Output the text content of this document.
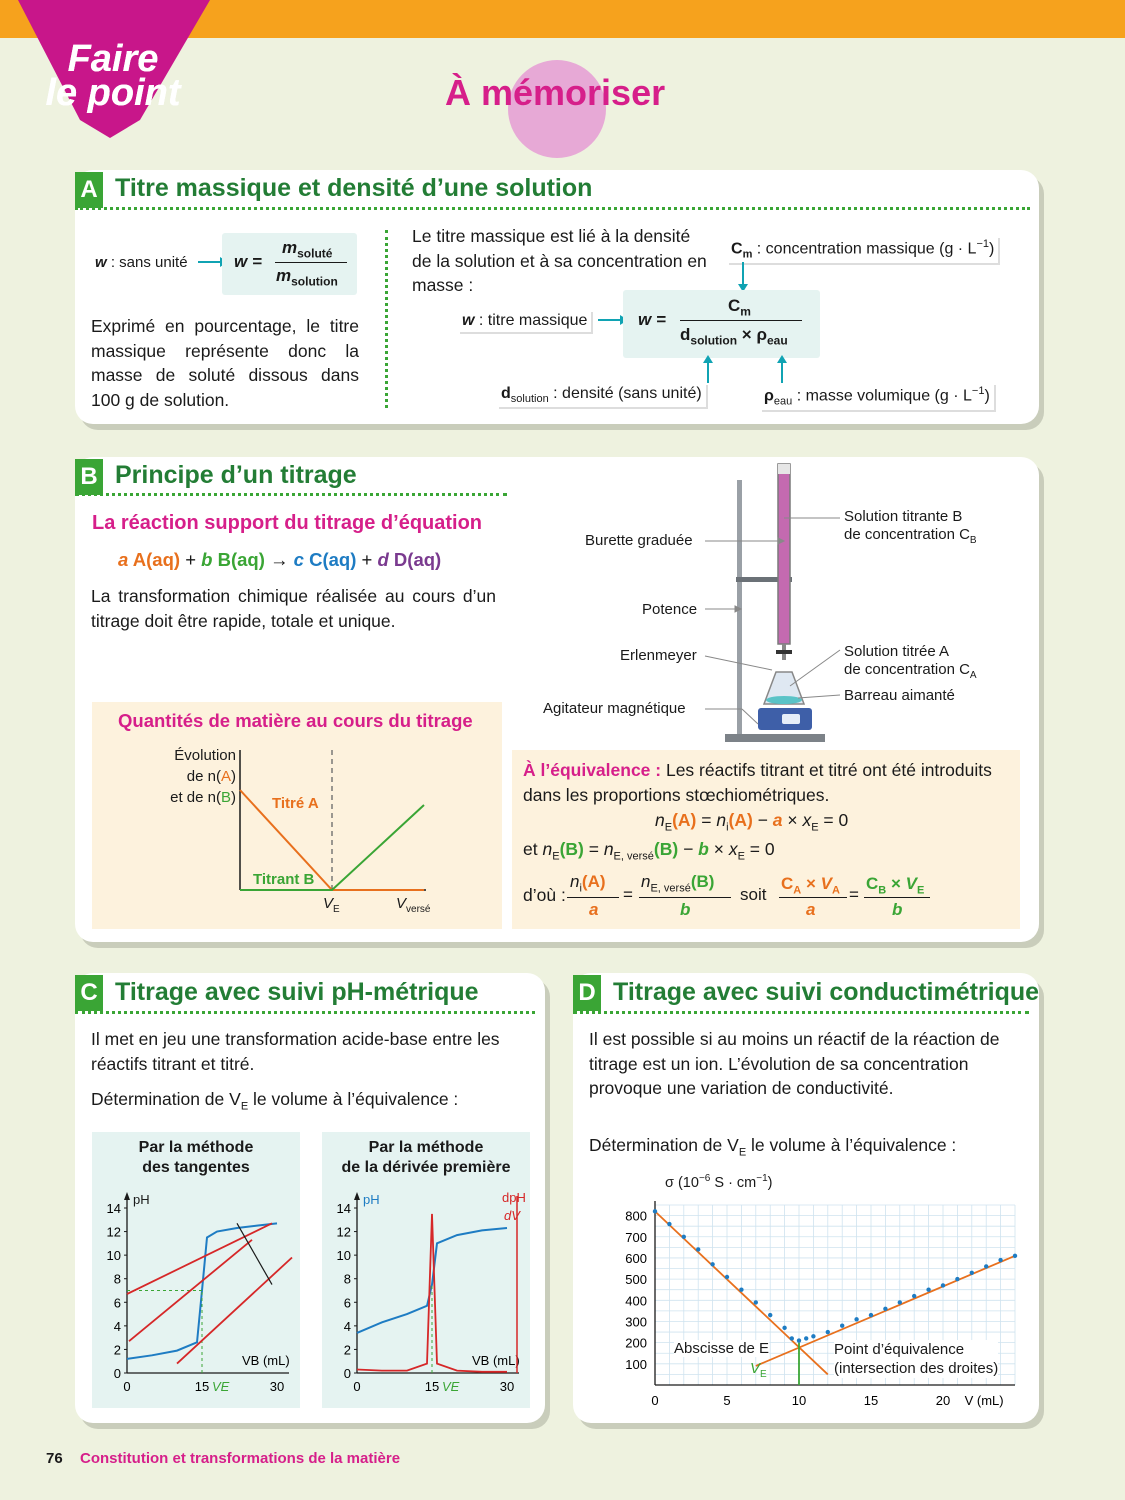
Faire
le point	À mémoriser
A Titre massique et densité d’une solution
w : sans unité	w =
$m_{soluté}$
$m_{solution}$
Exprimé en pourcentage, le titre massique représente donc la masse de soluté dissous dans 100 g de solution.
Le titre massique est lié à la densité de la solution et à sa concentration en masse :
$C_m$ : concentration massique $(g \cdot L^{-1})$
w : titre massique	w =
$C_m$
$d_{solution} \times \rho_{eau}$
$d_{solution}$ : densité (sans unité)	$\rho_{eau}$ : masse volumique $(g \cdot L^{-1})$
B Principe d’un titrage
La réaction support du titrage d’équation
a A(aq) + b B(aq) → c C(aq) + d D(aq)
La transformation chimique réalisée au cours d’un titrage doit être rapide, totale et unique.
Burette graduée
Potence
Erlenmeyer
Agitateur magnétique
Solution titrante B
de concentration $C_B$
Solution titrée A
de concentration $C_A$
Barreau aimanté
Quantités de matière au cours du titrage
Évolution
de n(A)
et de n(B) Titré A
Titrant B
$V_E$	$V_{versé}$
À l’équivalence : Les réactifs titrant et titré ont été introduits dans les proportions stœchiométriques.
$n_E(A) = n_i(A) - a \times x_E = 0$
et $n_E(B) = n_{E, versé}(B) - b \times x_E = 0$
d’où :
$n_i(A)$
a
=
$n_{E, versé}(B)$
b
soit
$C_A \times V_A$
a
=
$C_B \times V_E$
b
C Titrage avec suivi pH-métrique
Il met en jeu une transformation acide-base entre les réactifs titrant et titré.
Détermination de $V_E$ le volume à l’équivalence :
Par la méthode
des tangentes
0
2
4
6
8
10
12
14
0	15	30
pH
VB (mL)
VE
Par la méthode
de la dérivée première
0
2
4
6
8
10
12
14
0	15	30
pH
VB (mL)
VE
dpH
dV
D Titrage avec suivi conductimétrique
Il est possible si au moins un réactif de la réaction de titrage est un ion. L’évolution de sa concentration provoque une variation de conductivité.
Détermination de $V_E$ le volume à l’équivalence :
σ ($10^{-6}$ $S \cdot cm^{-1}$)
100
200
300
400
500
600
700
800
0	5	10	15	20 V (mL)
Abscisse de E	Point d’équivalence
(intersection des droites)
$V_E$
76 Constitution et transformations de la matière
